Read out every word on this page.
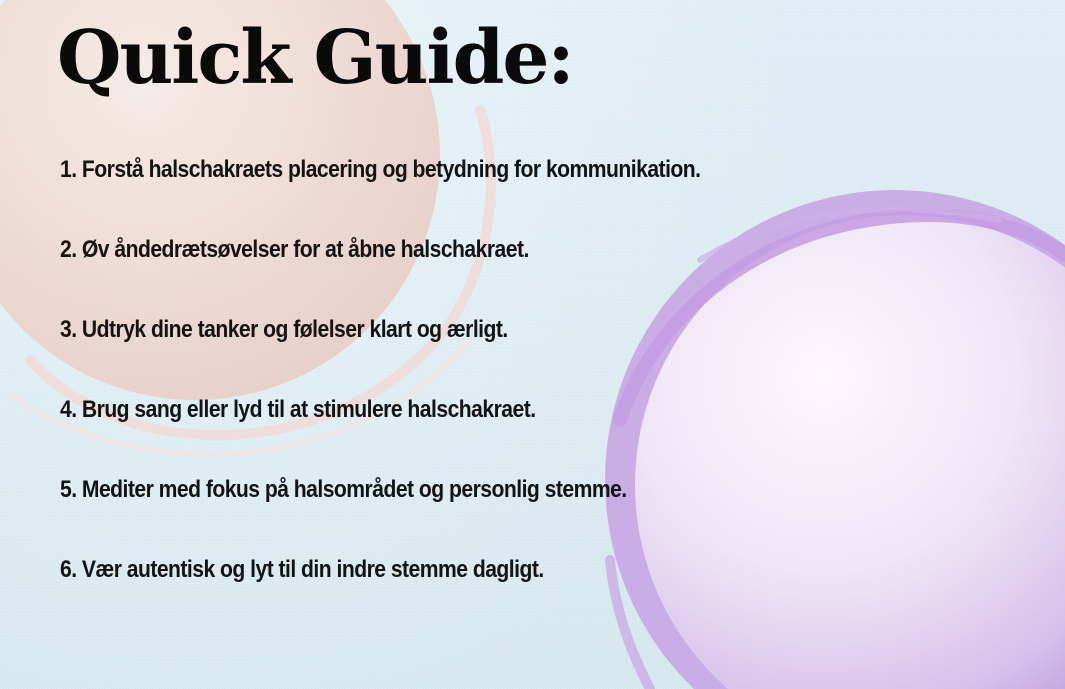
Quick Guide:
1. Forstå halschakraets placering og betydning for kommunikation.
2. Øv åndedrætsøvelser for at åbne halschakraet.
3. Udtryk dine tanker og følelser klart og ærligt.
4. Brug sang eller lyd til at stimulere halschakraet.
5. Mediter med fokus på halsområdet og personlig stemme.
6. Vær autentisk og lyt til din indre stemme dagligt.
